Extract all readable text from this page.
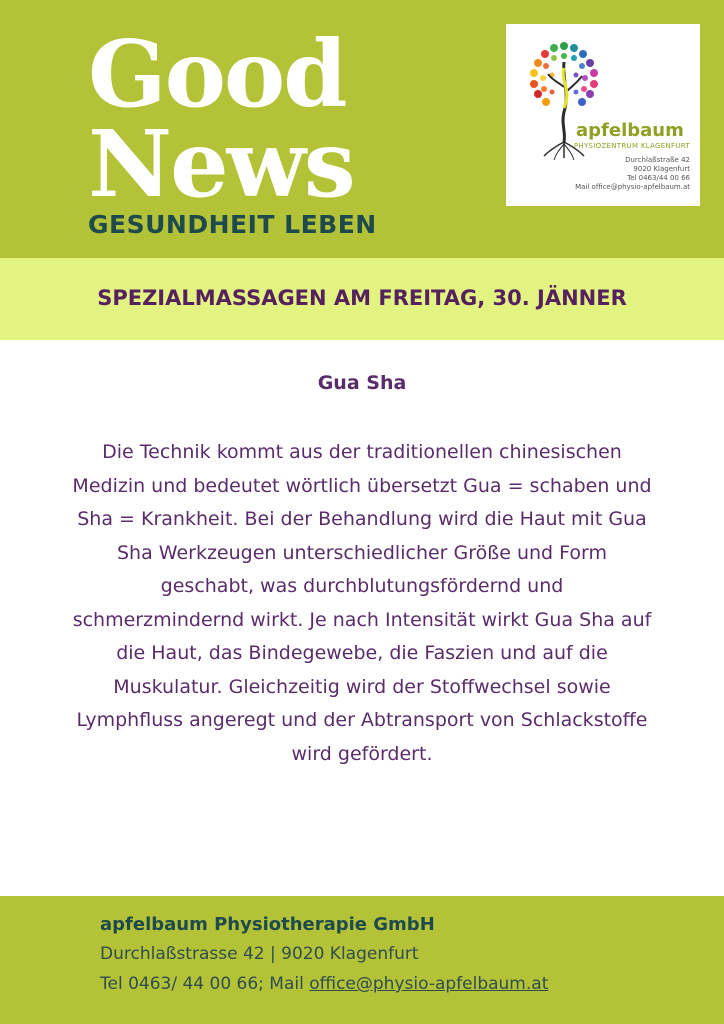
Good
News
GESUNDHEIT LEBEN
apfelbaum
PHYSIOZENTRUM KLAGENFURT
Durchlaßstraße 42
9020 Klagenfurt
Tel 0463/44 00 66
Mail office@physio-apfelbaum.at
SPEZIALMASSAGEN AM FREITAG, 30. JÄNNER
Gua Sha
Die Technik kommt aus der traditionellen chinesischen Medizin und bedeutet wörtlich übersetzt Gua = schaben und Sha = Krankheit. Bei der Behandlung wird die Haut mit Gua Sha Werkzeugen unterschiedlicher Größe und Form geschabt, was durchblutungsfördernd und schmerzmindernd wirkt. Je nach Intensität wirkt Gua Sha auf die Haut, das Bindegewebe, die Faszien und auf die Muskulatur. Gleichzeitig wird der Stoffwechsel sowie Lymphfluss angeregt und der Abtransport von Schlackstoffe wird gefördert.
apfelbaum Physiotherapie GmbH
Durchlaßstrasse 42 | 9020 Klagenfurt
Tel 0463/ 44 00 66; Mail office@physio-apfelbaum.at
